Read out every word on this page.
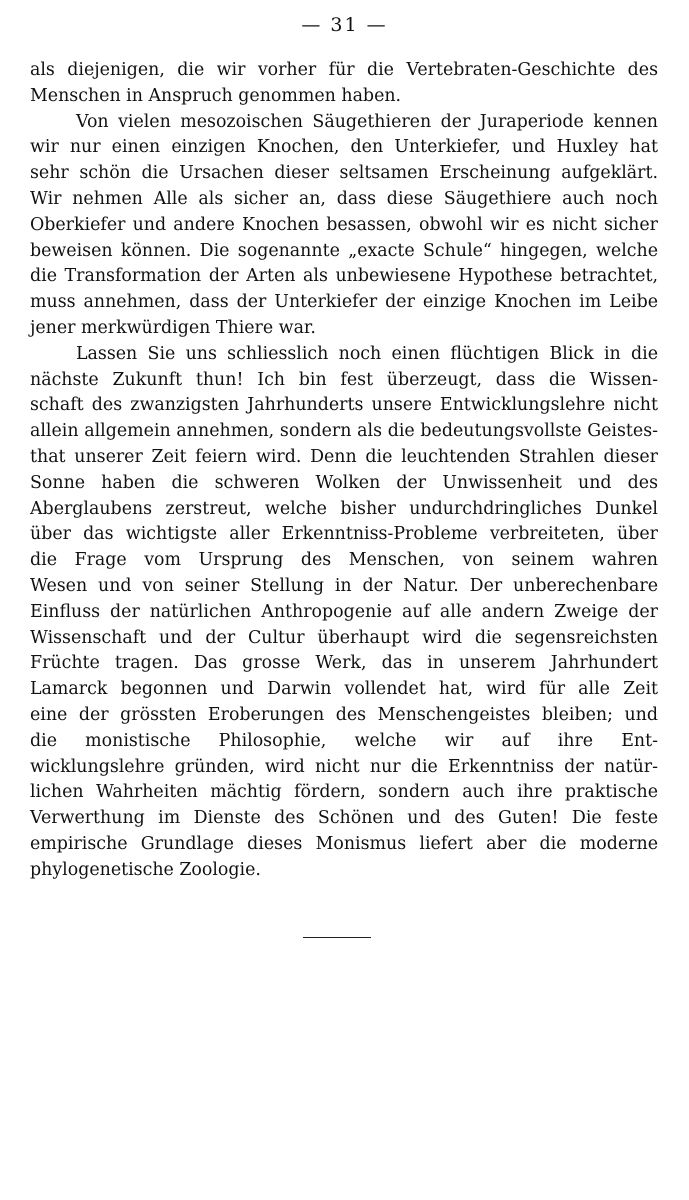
— 31 —
als diejenigen, die wir vorher für die Vertebraten-Geschichte des
Menschen in Anspruch genommen haben.
Von vielen mesozoischen Säugethieren der Juraperiode kennen
wir nur einen einzigen Knochen, den Unterkiefer, und Huxley hat
sehr schön die Ursachen dieser seltsamen Erscheinung aufgeklärt.
Wir nehmen Alle als sicher an, dass diese Säugethiere auch noch
Oberkiefer und andere Knochen besassen, obwohl wir es nicht sicher
beweisen können. Die sogenannte „exacte Schule“ hingegen, welche
die Transformation der Arten als unbewiesene Hypothese betrachtet,
muss annehmen, dass der Unterkiefer der einzige Knochen im Leibe
jener merkwürdigen Thiere war.
Lassen Sie uns schliesslich noch einen flüchtigen Blick in die
nächste Zukunft thun! Ich bin fest überzeugt, dass die Wissen-
schaft des zwanzigsten Jahrhunderts unsere Entwicklungslehre nicht
allein allgemein annehmen, sondern als die bedeutungsvollste Geistes-
that unserer Zeit feiern wird. Denn die leuchtenden Strahlen dieser
Sonne haben die schweren Wolken der Unwissenheit und des
Aberglaubens zerstreut, welche bisher undurchdringliches Dunkel
über das wichtigste aller Erkenntniss-Probleme verbreiteten, über
die Frage vom Ursprung des Menschen, von seinem wahren
Wesen und von seiner Stellung in der Natur. Der unberechenbare
Einfluss der natürlichen Anthropogenie auf alle andern Zweige der
Wissenschaft und der Cultur überhaupt wird die segensreichsten
Früchte tragen. Das grosse Werk, das in unserem Jahrhundert
Lamarck begonnen und Darwin vollendet hat, wird für alle Zeit
eine der grössten Eroberungen des Menschengeistes bleiben; und
die monistische Philosophie, welche wir auf ihre Ent-
wicklungslehre gründen, wird nicht nur die Erkenntniss der natür-
lichen Wahrheiten mächtig fördern, sondern auch ihre praktische
Verwerthung im Dienste des Schönen und des Guten! Die feste
empirische Grundlage dieses Monismus liefert aber die moderne
phylogenetische Zoologie.
